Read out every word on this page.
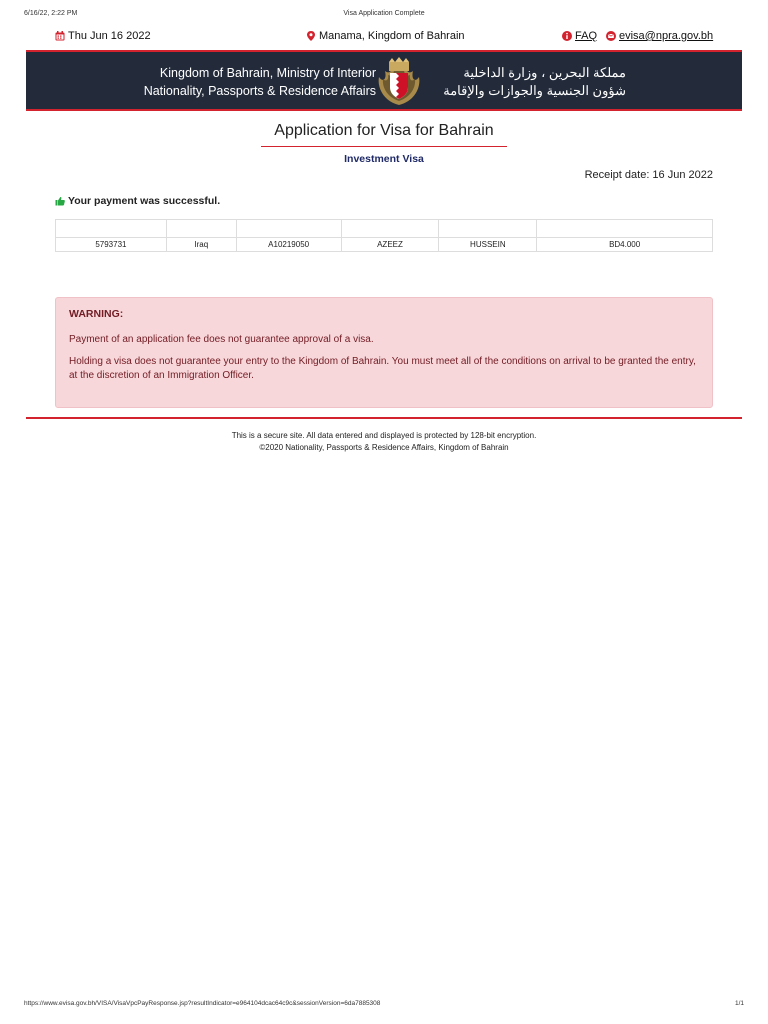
6/16/22, 2:22 PM	Visa Application Complete
Thu Jun 16 2022	Manama, Kingdom of Bahrain	FAQ evisa@npra.gov.bh
Kingdom of Bahrain, Ministry of Interior
Nationality, Passports & Residence Affairs
مملكة البحرين ، وزارة الداخلية
شؤون الجنسية والجوازات والإقامة
Application for Visa for Bahrain
Investment Visa
Receipt date: 16 Jun 2022
Your payment was successful.

5793731	Iraq	A10219050	AZEEZ	HUSSEIN	BD4.000
WARNING:

Payment of an application fee does not guarantee approval of a visa.

Holding a visa does not guarantee your entry to the Kingdom of Bahrain. You must meet all of the conditions on arrival to be granted the entry, at the discretion of an Immigration Officer.

This is a secure site. All data entered and displayed is protected by 128-bit encryption.
©2020 Nationality, Passports & Residence Affairs, Kingdom of Bahrain
https://www.evisa.gov.bh/VISA/VisaVpcPayResponse.jsp?resultIndicator=e964104dcac64c9c&sessionVersion=6da7885308	1/1
